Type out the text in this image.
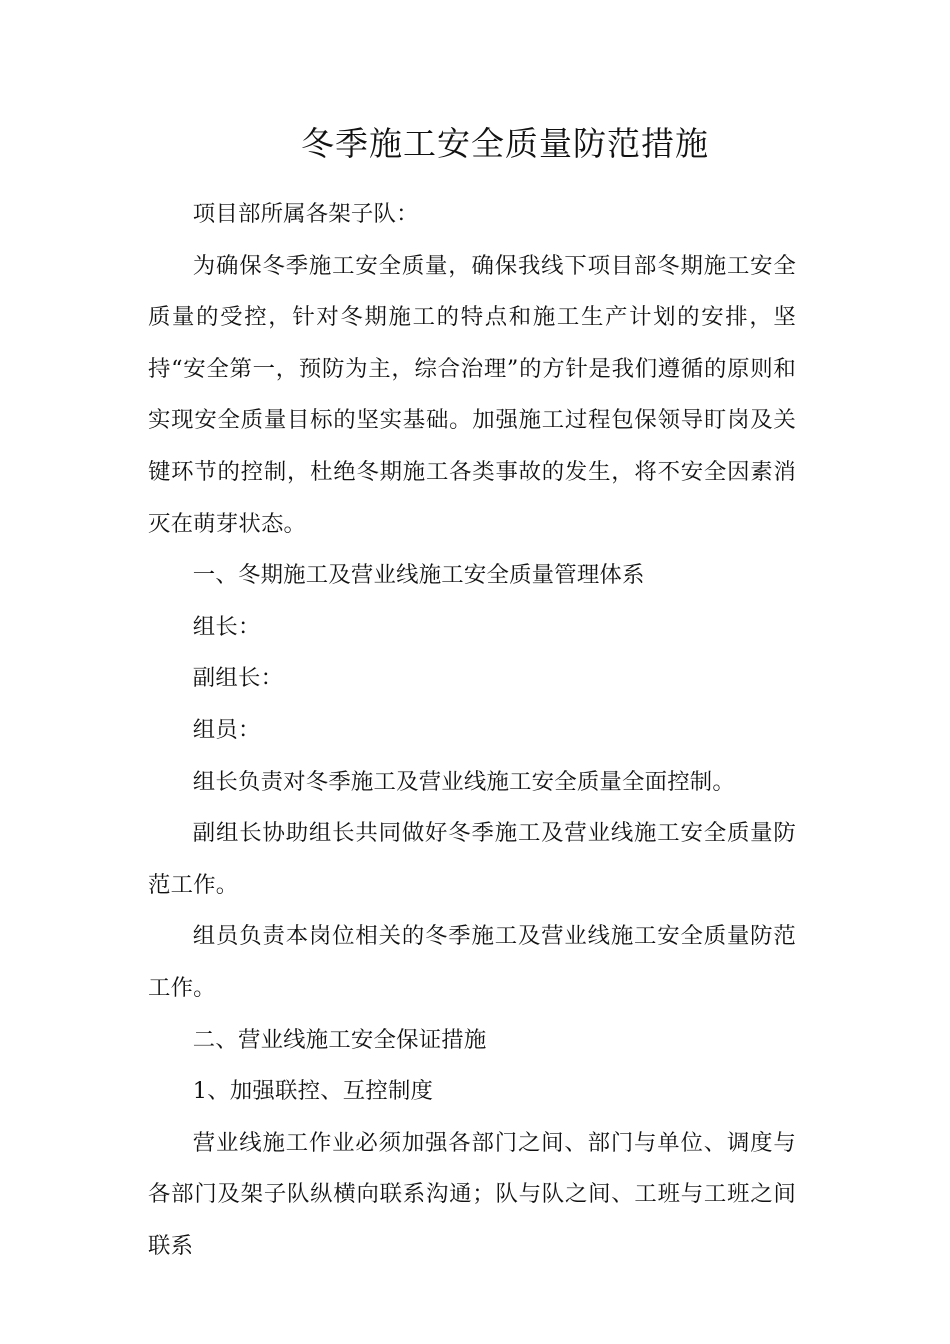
冬季施工安全质量防范措施

项目部所属各架子队：

为确保冬季施工安全质量，确保我线下项目部冬期施工安全质量的受控，针对冬期施工的特点和施工生产计划的安排，坚持“安全第一，预防为主，综合治理”的方针是我们遵循的原则和实现安全质量目标的坚实基础。加强施工过程包保领导盯岗及关键环节的控制，杜绝冬期施工各类事故的发生，将不安全因素消灭在萌芽状态。

一、冬期施工及营业线施工安全质量管理体系

组长：

副组长：

组员：

组长负责对冬季施工及营业线施工安全质量全面控制。

副组长协助组长共同做好冬季施工及营业线施工安全质量防范工作。

组员负责本岗位相关的冬季施工及营业线施工安全质量防范工作。

二、营业线施工安全保证措施

1、加强联控、互控制度

营业线施工作业必须加强各部门之间、部门与单位、调度与各部门及架子队纵横向联系沟通；队与队之间、工班与工班之间联系
